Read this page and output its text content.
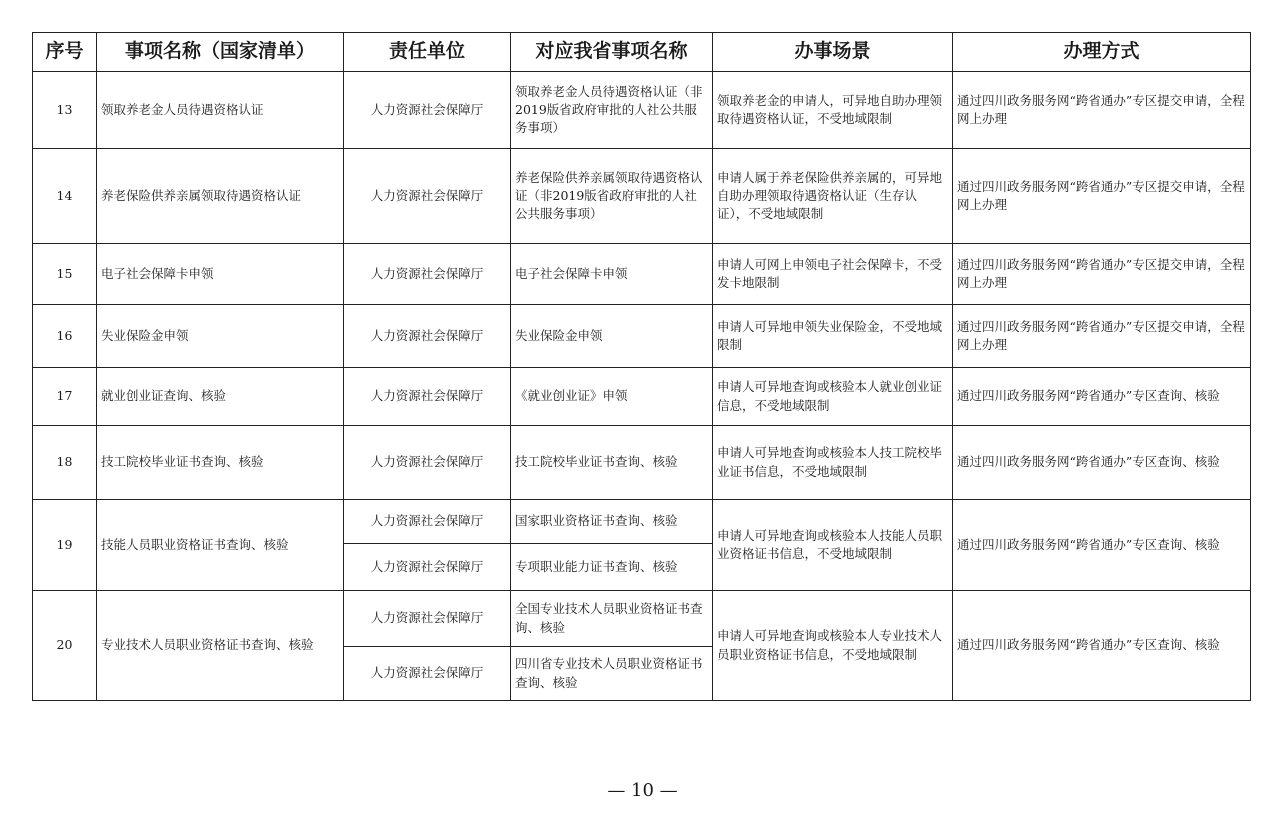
序号	事项名称（国家清单）	责任单位	对应我省事项名称	办事场景	办理方式
13	领取养老金人员待遇资格认证	人力资源社会保障厅	领取养老金人员待遇资格认证（非2019版省政府审批的人社公共服务事项）	领取养老金的申请人，可异地自助办理领取待遇资格认证，不受地域限制	通过四川政务服务网“跨省通办”专区提交申请，全程网上办理
14	养老保险供养亲属领取待遇资格认证	人力资源社会保障厅	养老保险供养亲属领取待遇资格认证（非2019版省政府审批的人社公共服务事项）	申请人属于养老保险供养亲属的，可异地自助办理领取待遇资格认证（生存认证），不受地域限制	通过四川政务服务网“跨省通办”专区提交申请，全程网上办理
15	电子社会保障卡申领	人力资源社会保障厅	电子社会保障卡申领	申请人可网上申领电子社会保障卡，不受发卡地限制	通过四川政务服务网“跨省通办”专区提交申请，全程网上办理
16	失业保险金申领	人力资源社会保障厅	失业保险金申领	申请人可异地申领失业保险金，不受地域限制	通过四川政务服务网“跨省通办”专区提交申请，全程网上办理
17	就业创业证查询、核验	人力资源社会保障厅	《就业创业证》申领	申请人可异地查询或核验本人就业创业证信息，不受地域限制	通过四川政务服务网“跨省通办”专区查询、核验
18	技工院校毕业证书查询、核验	人力资源社会保障厅	技工院校毕业证书查询、核验	申请人可异地查询或核验本人技工院校毕业证书信息，不受地域限制	通过四川政务服务网“跨省通办”专区查询、核验
19	技能人员职业资格证书查询、核验	人力资源社会保障厅	国家职业资格证书查询、核验	申请人可异地查询或核验本人技能人员职业资格证书信息，不受地域限制	通过四川政务服务网“跨省通办”专区查询、核验
		人力资源社会保障厅	专项职业能力证书查询、核验		
20	专业技术人员职业资格证书查询、核验	人力资源社会保障厅	全国专业技术人员职业资格证书查询、核验	申请人可异地查询或核验本人专业技术人员职业资格证书信息，不受地域限制	通过四川政务服务网“跨省通办”专区查询、核验
		人力资源社会保障厅	四川省专业技术人员职业资格证书查询、核验		
— 10 —
